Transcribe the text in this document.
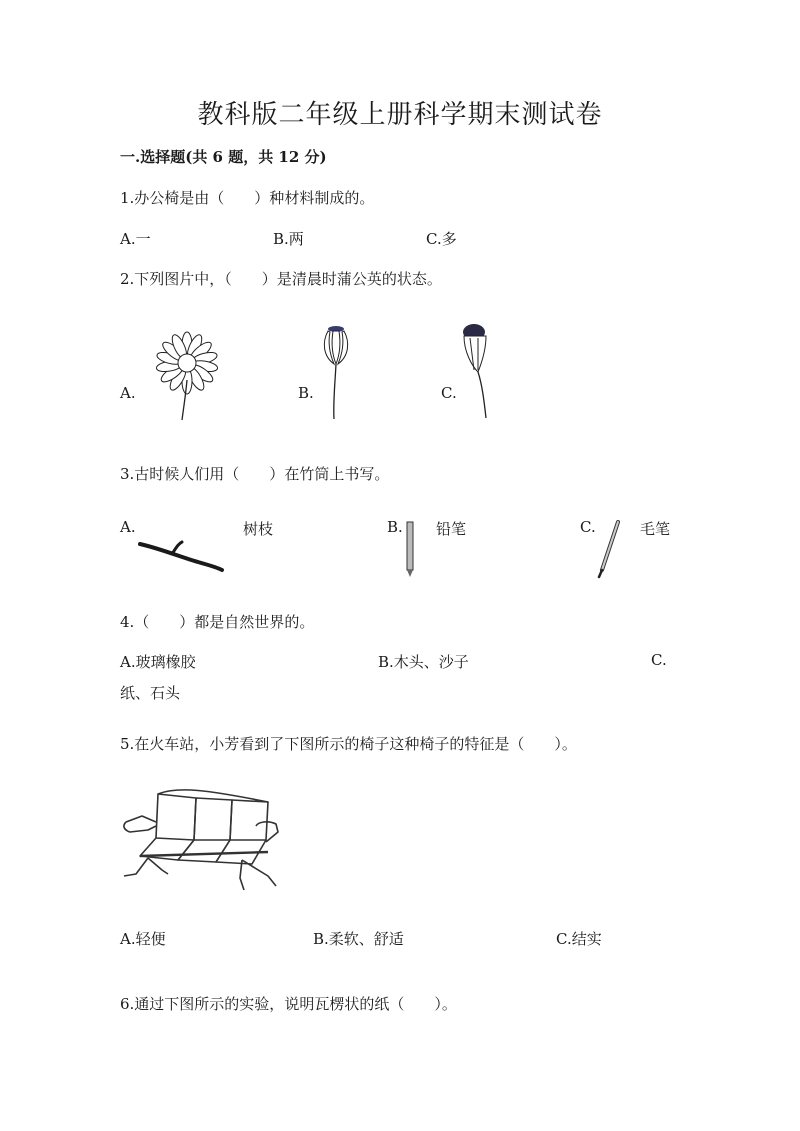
教科版二年级上册科学期末测试卷
一.选择题(共 6 题，共 12 分)
1.办公椅是由（　　）种材料制成的。
A.一	B.两	C.多
2.下列图片中，（　　）是清晨时蒲公英的状态。
A.	B.	C.
3.古时候人们用（　　）在竹筒上书写。
A.	树枝	B. 铅笔	C.	毛笔
4.（　　）都是自然世界的。
A.玻璃橡胶	B.木头、沙子	C.
纸、石头
5.在火车站，小芳看到了下图所示的椅子这种椅子的特征是（　　）。
A.轻便	B.柔软、舒适	C.结实
6.通过下图所示的实验，说明瓦楞状的纸（　　）。
